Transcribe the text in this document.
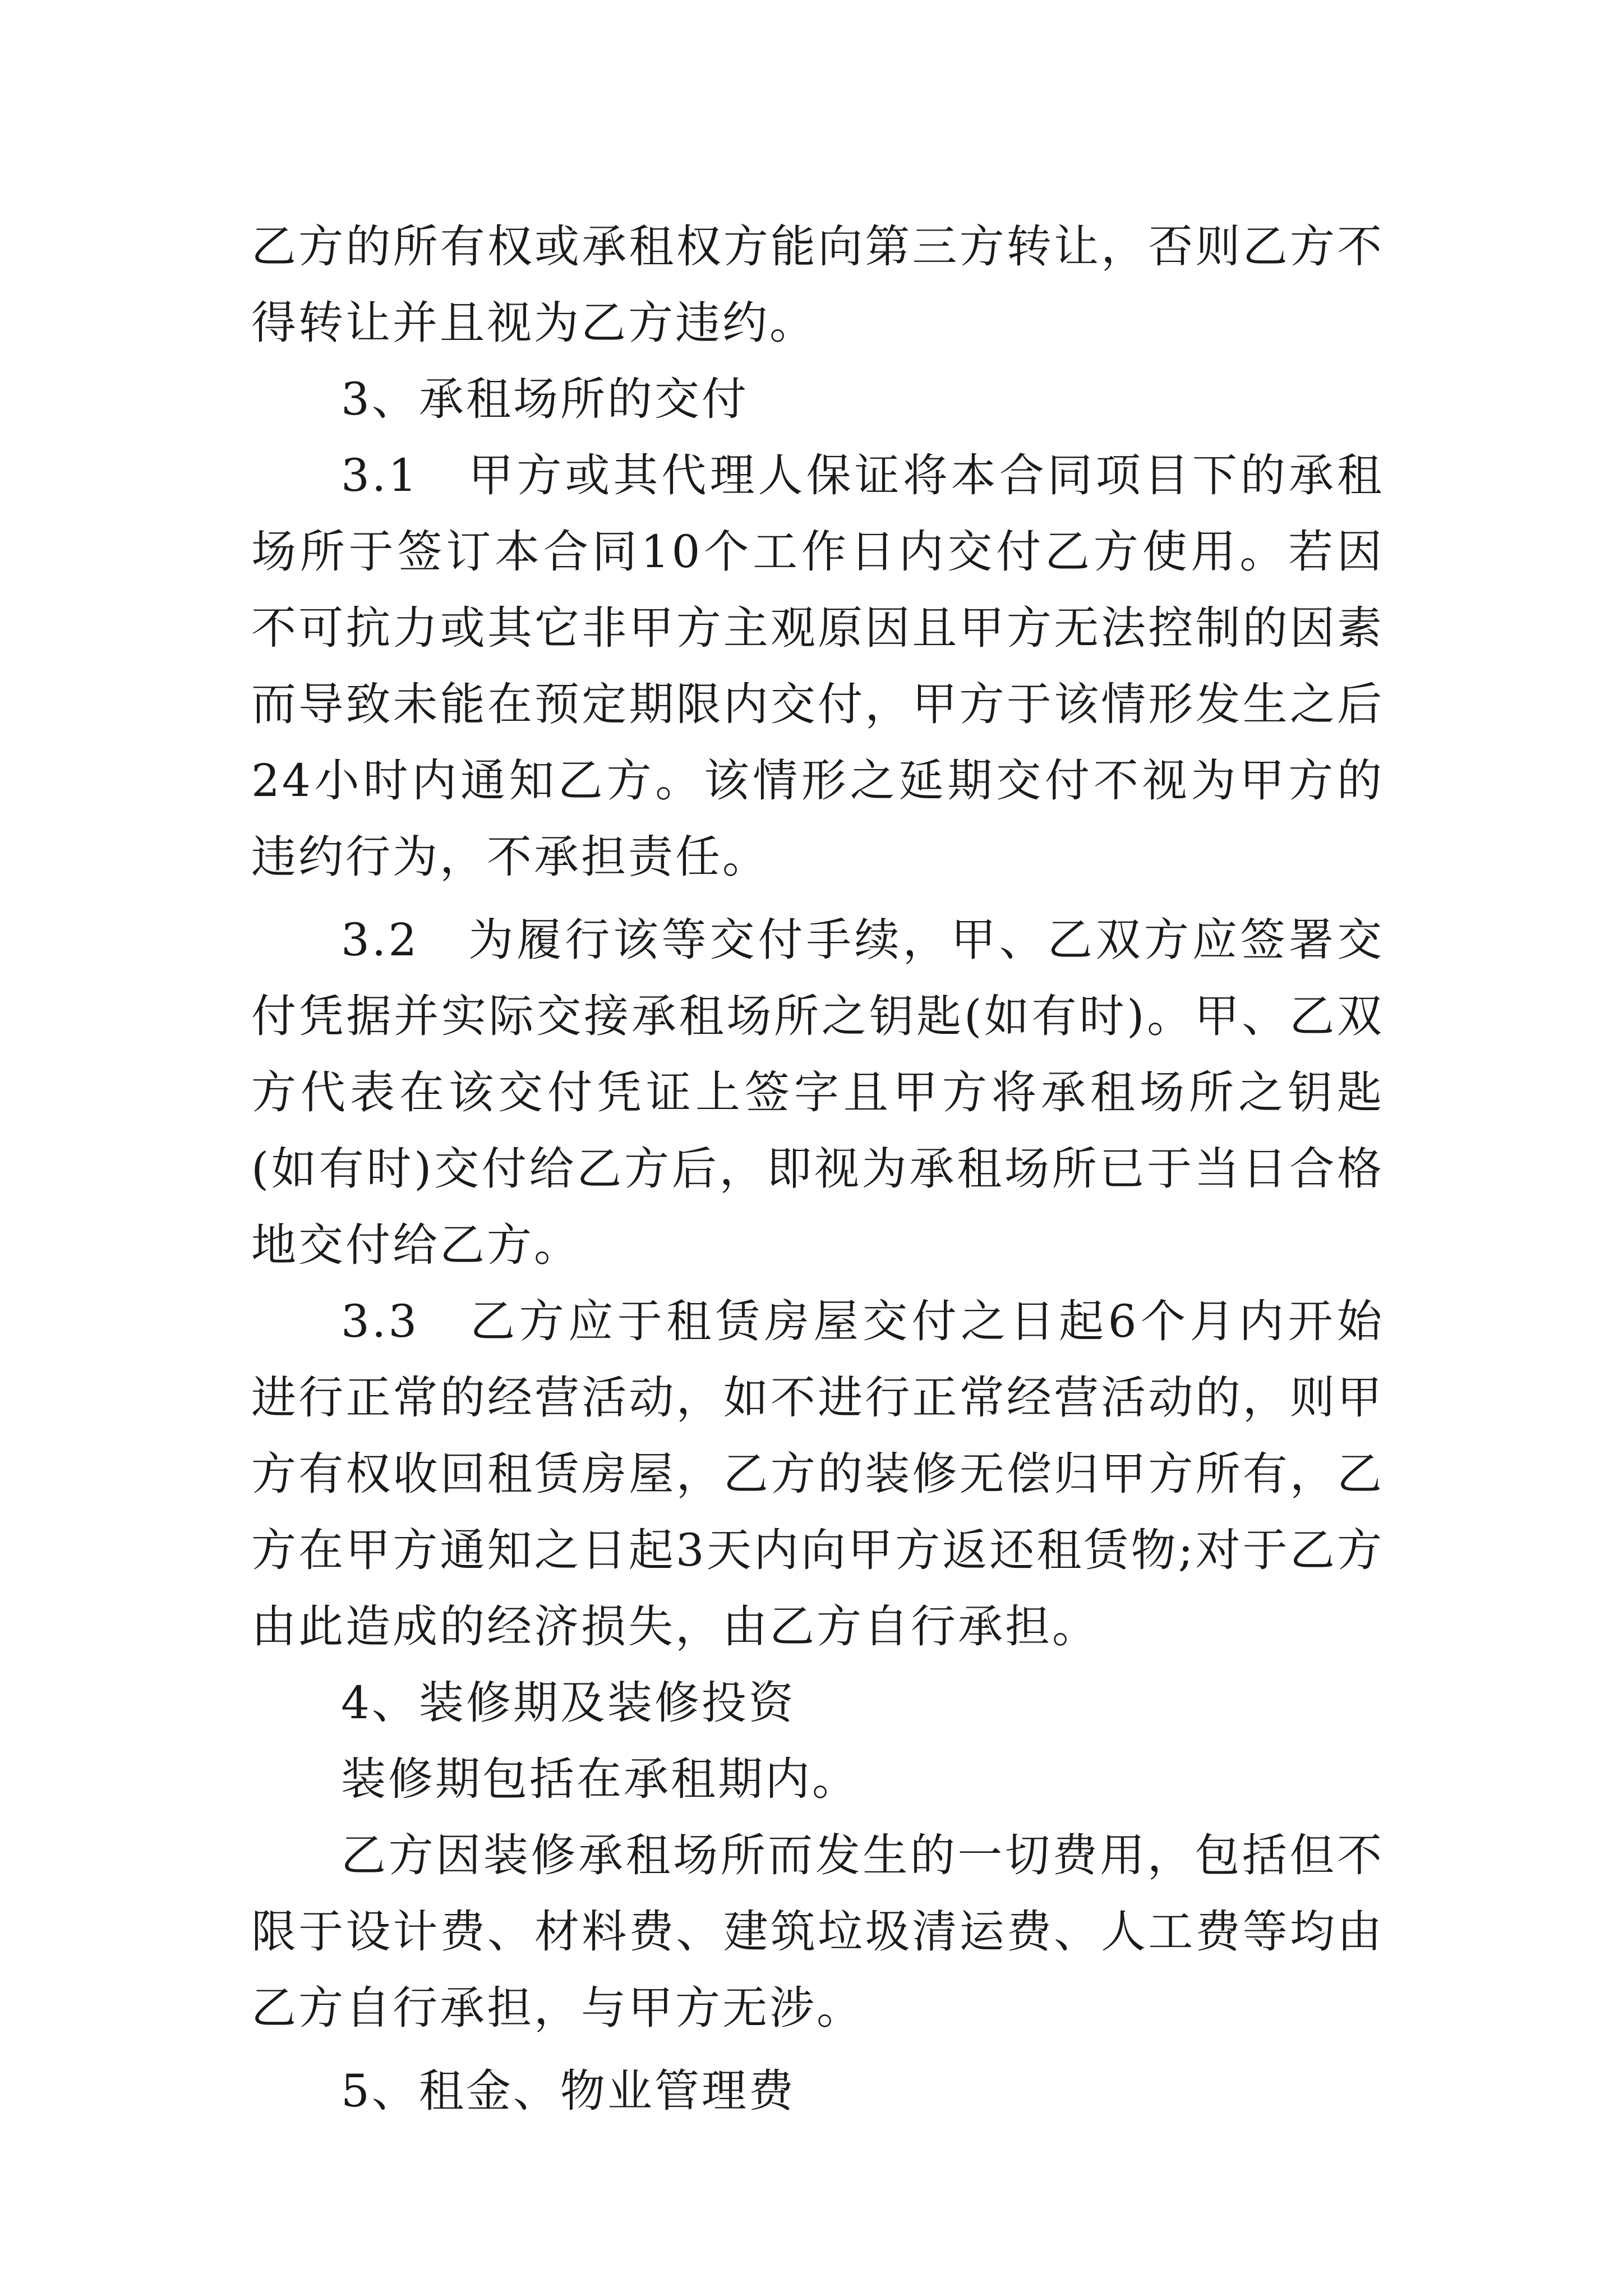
乙方的所有权或承租权方能向第三方转让，否则乙方不得转让并且视为乙方违约。

3、承租场所的交付

3.1　甲方或其代理人保证将本合同项目下的承租场所于签订本合同10个工作日内交付乙方使用。若因不可抗力或其它非甲方主观原因且甲方无法控制的因素而导致未能在预定期限内交付，甲方于该情形发生之后24小时内通知乙方。该情形之延期交付不视为甲方的违约行为，不承担责任。

3.2　为履行该等交付手续，甲、乙双方应签署交付凭据并实际交接承租场所之钥匙(如有时)。甲、乙双方代表在该交付凭证上签字且甲方将承租场所之钥匙(如有时)交付给乙方后，即视为承租场所已于当日合格地交付给乙方。

3.3　乙方应于租赁房屋交付之日起6个月内开始进行正常的经营活动，如不进行正常经营活动的，则甲方有权收回租赁房屋，乙方的装修无偿归甲方所有，乙方在甲方通知之日起3天内向甲方返还租赁物;对于乙方由此造成的经济损失，由乙方自行承担。

4、装修期及装修投资

装修期包括在承租期内。

乙方因装修承租场所而发生的一切费用，包括但不限于设计费、材料费、建筑垃圾清运费、人工费等均由乙方自行承担，与甲方无涉。

5、租金、物业管理费
